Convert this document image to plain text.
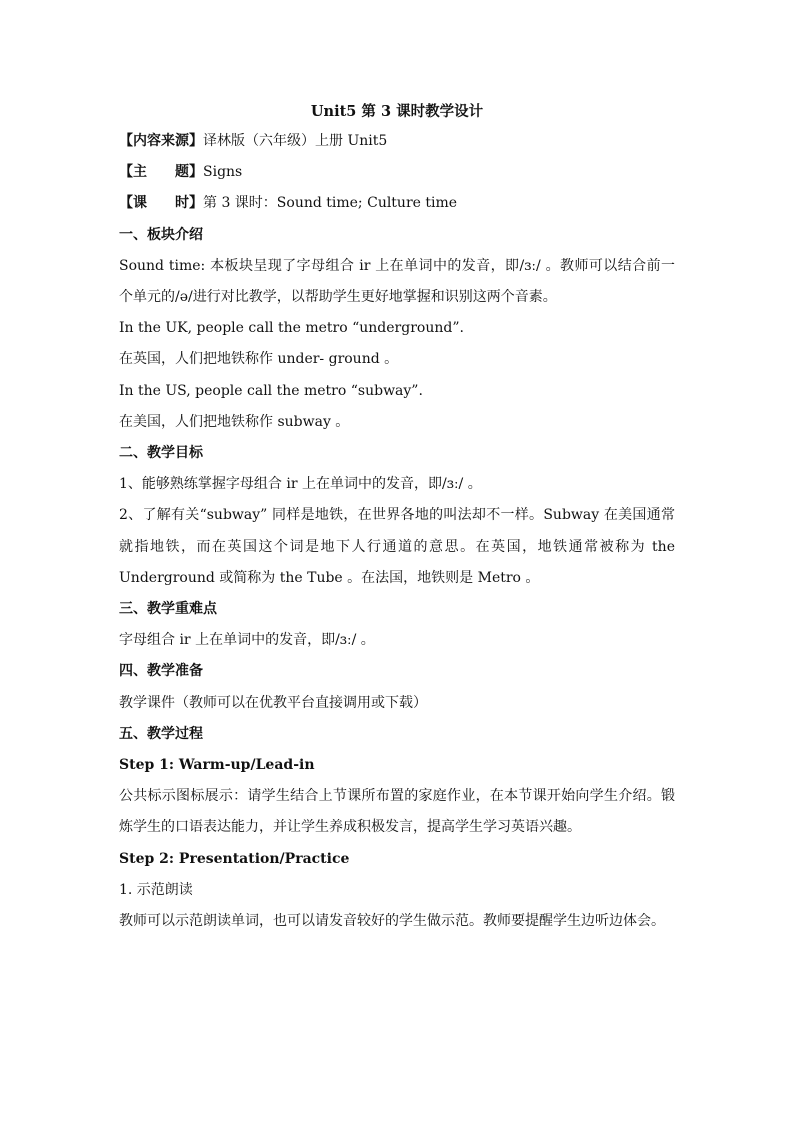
Unit5 第 3 课时教学设计

【内容来源】译林版（六年级）上册 Unit5

【主　　题】Signs

【课　　时】第 3 课时：Sound time; Culture time

一、板块介绍

Sound time: 本板块呈现了字母组合 ir 上在单词中的发音，即/ɜː/ 。教师可以结合前一个单元的/ə/进行对比教学，以帮助学生更好地掌握和识别这两个音素。

In the UK, people call the metro “underground”.

在英国，人们把地铁称作 under- ground 。

In the US, people call the metro “subway”.

在美国，人们把地铁称作 subway 。

二、教学目标

1、能够熟练掌握字母组合 ir 上在单词中的发音，即/ɜː/ 。

2、了解有关“subway” 同样是地铁，在世界各地的叫法却不一样。Subway 在美国通常就指地铁，而在英国这个词是地下人行通道的意思。在英国，地铁通常被称为 the Underground 或简称为 the Tube 。在法国，地铁则是 Metro 。

三、教学重难点

字母组合 ir 上在单词中的发音，即/ɜː/ 。

四、教学准备

教学课件（教师可以在优教平台直接调用或下载）

五、教学过程

Step 1: Warm-up/Lead-in

公共标示图标展示：请学生结合上节课所布置的家庭作业，在本节课开始向学生介绍。锻炼学生的口语表达能力，并让学生养成积极发言，提高学生学习英语兴趣。

Step 2: Presentation/Practice

1. 示范朗读

教师可以示范朗读单词，也可以请发音较好的学生做示范。教师要提醒学生边听边体会。
